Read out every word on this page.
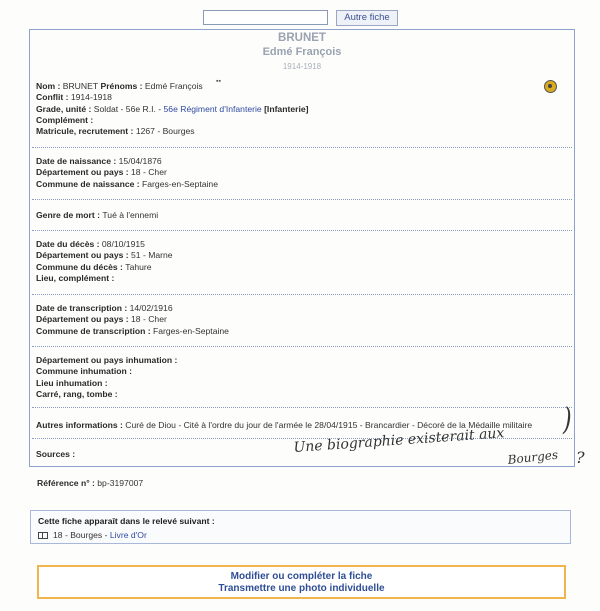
Autre fiche
BRUNET
Edmé François
1914-1918
▪▪
Nom : BRUNET Prénoms : Edmé François
Conflit : 1914-1918
Grade, unité : Soldat - 56e R.I. - 56e Régiment d'Infanterie [Infanterie]
Complément :
Matricule, recrutement : 1267 - Bourges
Date de naissance : 15/04/1876
Département ou pays : 18 - Cher
Commune de naissance : Farges-en-Septaine
Genre de mort : Tué à l'ennemi
Date du décès : 08/10/1915
Département ou pays : 51 - Marne
Commune du décès : Tahure
Lieu, complément :
Date de transcription : 14/02/1916
Département ou pays : 18 - Cher
Commune de transcription : Farges-en-Septaine
Département ou pays inhumation :
Commune inhumation :
Lieu inhumation :
Carré, rang, tombe :
Autres informations : Curé de Diou - Cité à l'ordre du jour de l'armée le 28/04/1915 - Brancardier - Décoré de la Médaille militaire
Sources :
)
Une biographie existerait aux
Bourges ?
Référence n° : bp-3197007
Cette fiche apparaît dans le relevé suivant :
18 - Bourges - Livre d'Or
Modifier ou compléter la fiche
Transmettre une photo individuelle
